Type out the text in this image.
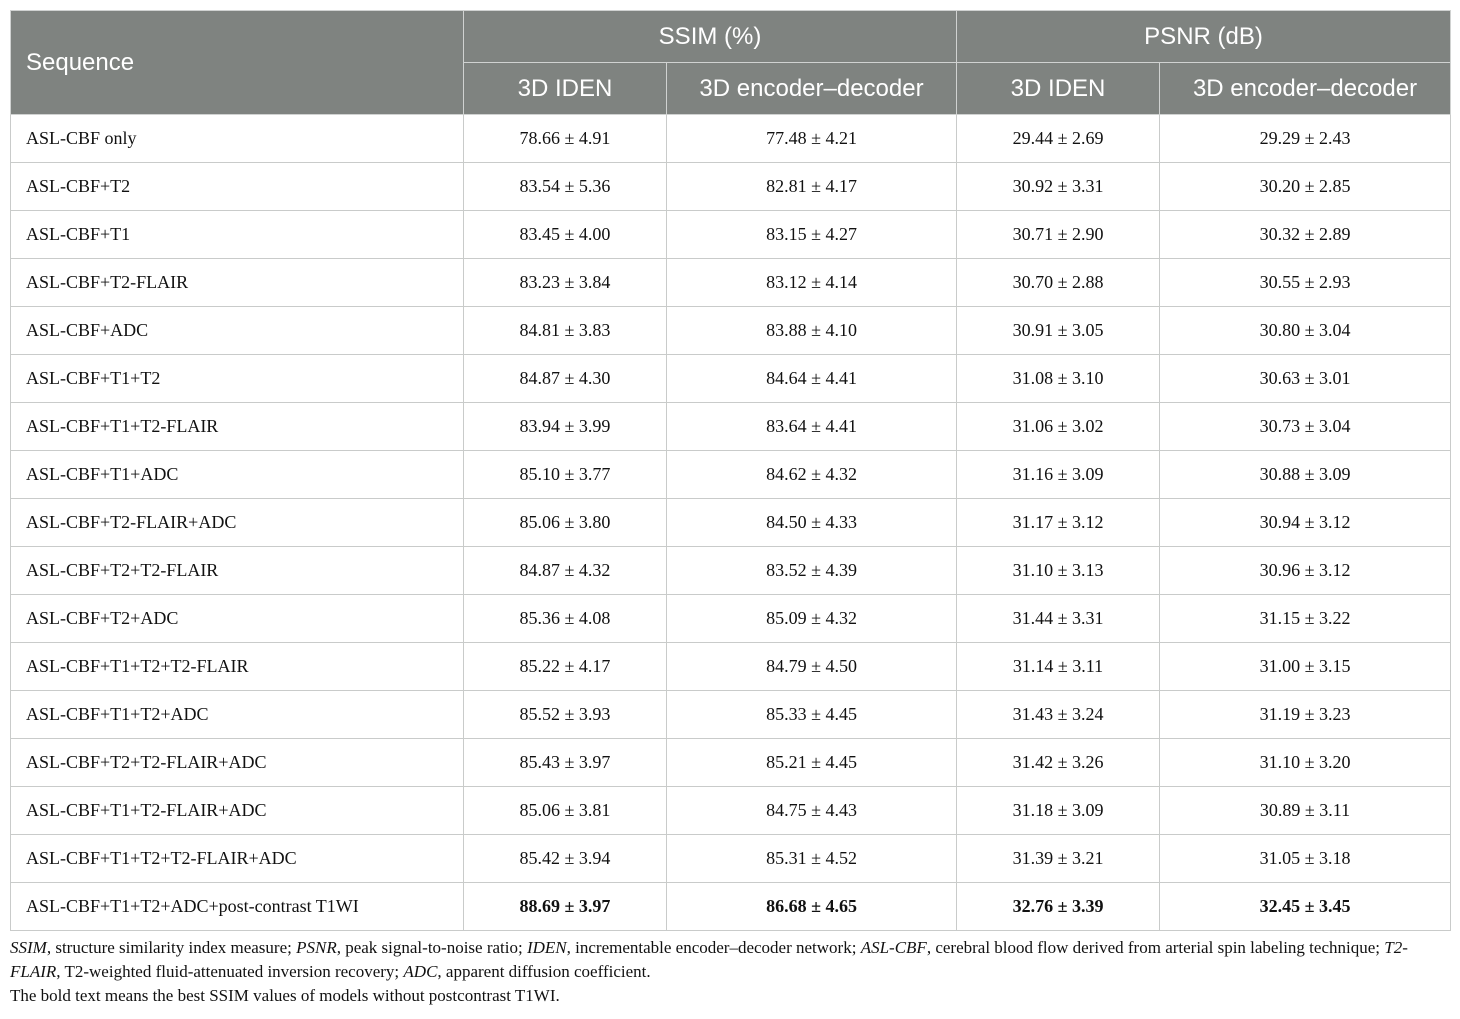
Sequence	SSIM (%)		PSNR (dB)	
	3D IDEN	3D encoder–decoder	3D IDEN	3D encoder–decoder
ASL-CBF only	78.66 ± 4.91	77.48 ± 4.21	29.44 ± 2.69	29.29 ± 2.43
ASL-CBF+T2	83.54 ± 5.36	82.81 ± 4.17	30.92 ± 3.31	30.20 ± 2.85
ASL-CBF+T1	83.45 ± 4.00	83.15 ± 4.27	30.71 ± 2.90	30.32 ± 2.89
ASL-CBF+T2-FLAIR	83.23 ± 3.84	83.12 ± 4.14	30.70 ± 2.88	30.55 ± 2.93
ASL-CBF+ADC	84.81 ± 3.83	83.88 ± 4.10	30.91 ± 3.05	30.80 ± 3.04
ASL-CBF+T1+T2	84.87 ± 4.30	84.64 ± 4.41	31.08 ± 3.10	30.63 ± 3.01
ASL-CBF+T1+T2-FLAIR	83.94 ± 3.99	83.64 ± 4.41	31.06 ± 3.02	30.73 ± 3.04
ASL-CBF+T1+ADC	85.10 ± 3.77	84.62 ± 4.32	31.16 ± 3.09	30.88 ± 3.09
ASL-CBF+T2-FLAIR+ADC	85.06 ± 3.80	84.50 ± 4.33	31.17 ± 3.12	30.94 ± 3.12
ASL-CBF+T2+T2-FLAIR	84.87 ± 4.32	83.52 ± 4.39	31.10 ± 3.13	30.96 ± 3.12
ASL-CBF+T2+ADC	85.36 ± 4.08	85.09 ± 4.32	31.44 ± 3.31	31.15 ± 3.22
ASL-CBF+T1+T2+T2-FLAIR	85.22 ± 4.17	84.79 ± 4.50	31.14 ± 3.11	31.00 ± 3.15
ASL-CBF+T1+T2+ADC	85.52 ± 3.93	85.33 ± 4.45	31.43 ± 3.24	31.19 ± 3.23
ASL-CBF+T2+T2-FLAIR+ADC	85.43 ± 3.97	85.21 ± 4.45	31.42 ± 3.26	31.10 ± 3.20
ASL-CBF+T1+T2-FLAIR+ADC	85.06 ± 3.81	84.75 ± 4.43	31.18 ± 3.09	30.89 ± 3.11
ASL-CBF+T1+T2+T2-FLAIR+ADC	85.42 ± 3.94	85.31 ± 4.52	31.39 ± 3.21	31.05 ± 3.18
ASL-CBF+T1+T2+ADC+post-contrast T1WI	88.69 ± 3.97	86.68 ± 4.65	32.76 ± 3.39	32.45 ± 3.45

SSIM, structure similarity index measure; PSNR, peak signal-to-noise ratio; IDEN, incrementable encoder–decoder network; ASL-CBF, cerebral blood flow derived from arterial spin labeling technique; T2-FLAIR, T2-weighted fluid-attenuated inversion recovery; ADC, apparent diffusion coefficient.

The bold text means the best SSIM values of models without postcontrast T1WI.
